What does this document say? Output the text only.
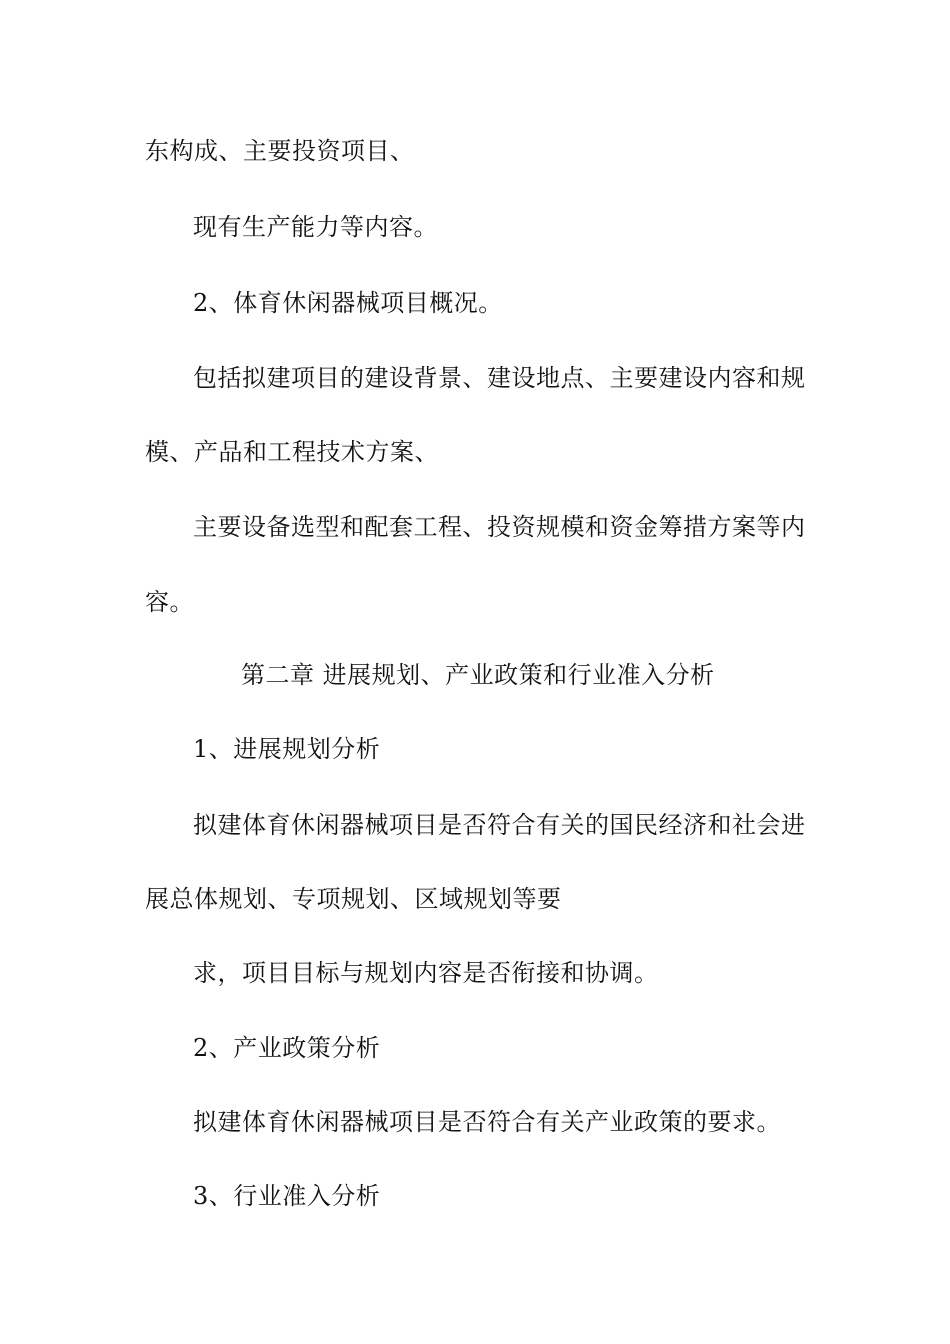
东构成、主要投资项目、
现有生产能力等内容。
2、体育休闲器械项目概况。
包括拟建项目的建设背景、建设地点、主要建设内容和规
模、产品和工程技术方案、
主要设备选型和配套工程、投资规模和资金筹措方案等内
容。
第二章 进展规划、产业政策和行业准入分析
1、进展规划分析
拟建体育休闲器械项目是否符合有关的国民经济和社会进
展总体规划、专项规划、区域规划等要
求，项目目标与规划内容是否衔接和协调。
2、产业政策分析
拟建体育休闲器械项目是否符合有关产业政策的要求。
3、行业准入分析
